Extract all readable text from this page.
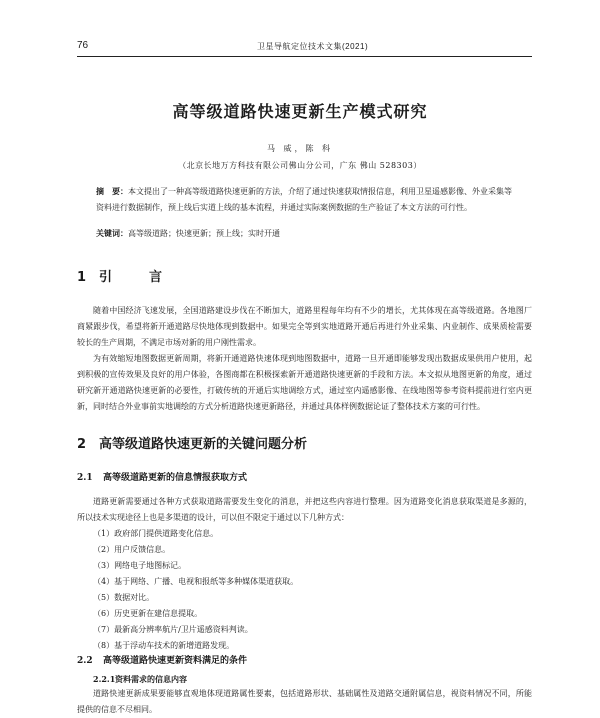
76	卫星导航定位技术文集(2021)
高等级道路快速更新生产模式研究
马 威，陈 科
（北京长地万方科技有限公司佛山分公司，广东 佛山 528303）
摘　要：本文提出了一种高等级道路快速更新的方法，介绍了通过快速获取情报信息，利用卫星遥感影像、外业采集等资料进行数据制作，预上线后实道上线的基本流程，并通过实际案例数据的生产验证了本文方法的可行性。
关键词：高等级道路；快速更新；预上线；实时开通
1 引　言
随着中国经济飞速发展，全国道路建设步伐在不断加大，道路里程每年均有不少的增长，尤其体现在高等级道路。各地图厂商紧跟步伐，希望将新开通道路尽快地体现到数据中。如果完全等到实地道路开通后再进行外业采集、内业制作、成果质检需要较长的生产周期，不满足市场对新的用户刚性需求。
为有效缩短地图数据更新周期，将新开通道路快速体现到地图数据中，道路一旦开通即能够发现出数据成果供用户使用，起到积极的宣传效果及良好的用户体验，各图商都在积极探索新开通道路快速更新的手段和方法。本文拟从地图更新的角度，通过研究新开通道路快速更新的必要性，打破传统的开通后实地调绘方式，通过室内遥感影像、在线地图等参考资料提前进行室内更新，同时结合外业事前实地调绘的方式分析道路快速更新路径，并通过具体样例数据论证了整体技术方案的可行性。
2 高等级道路快速更新的关键问题分析
2.1 高等级道路更新的信息情报获取方式
道路更新需要通过各种方式获取道路需要发生变化的消息，并把这些内容进行整理。因为道路变化消息获取渠道是多源的，所以技术实现途径上也是多渠道的设计，可以但不限定于通过以下几种方式：
（1）政府部门提供道路变化信息。
（2）用户反馈信息。
（3）网络电子地图标记。
（4）基于网络、广播、电视和报纸等多种媒体渠道获取。
（5）数据对比。
（6）历史更新在建信息提取。
（7）最新高分辨率航片/卫片遥感资料判读。
（8）基于浮动车技术的新增道路发现。
2.2 高等级道路快速更新资料满足的条件
2.2.1资料需求的信息内容
道路快速更新成果要能够直观地体现道路属性要素，包括道路形状、基础属性及道路交通附属信息，视资料情况不同，所能提供的信息不尽相同。
